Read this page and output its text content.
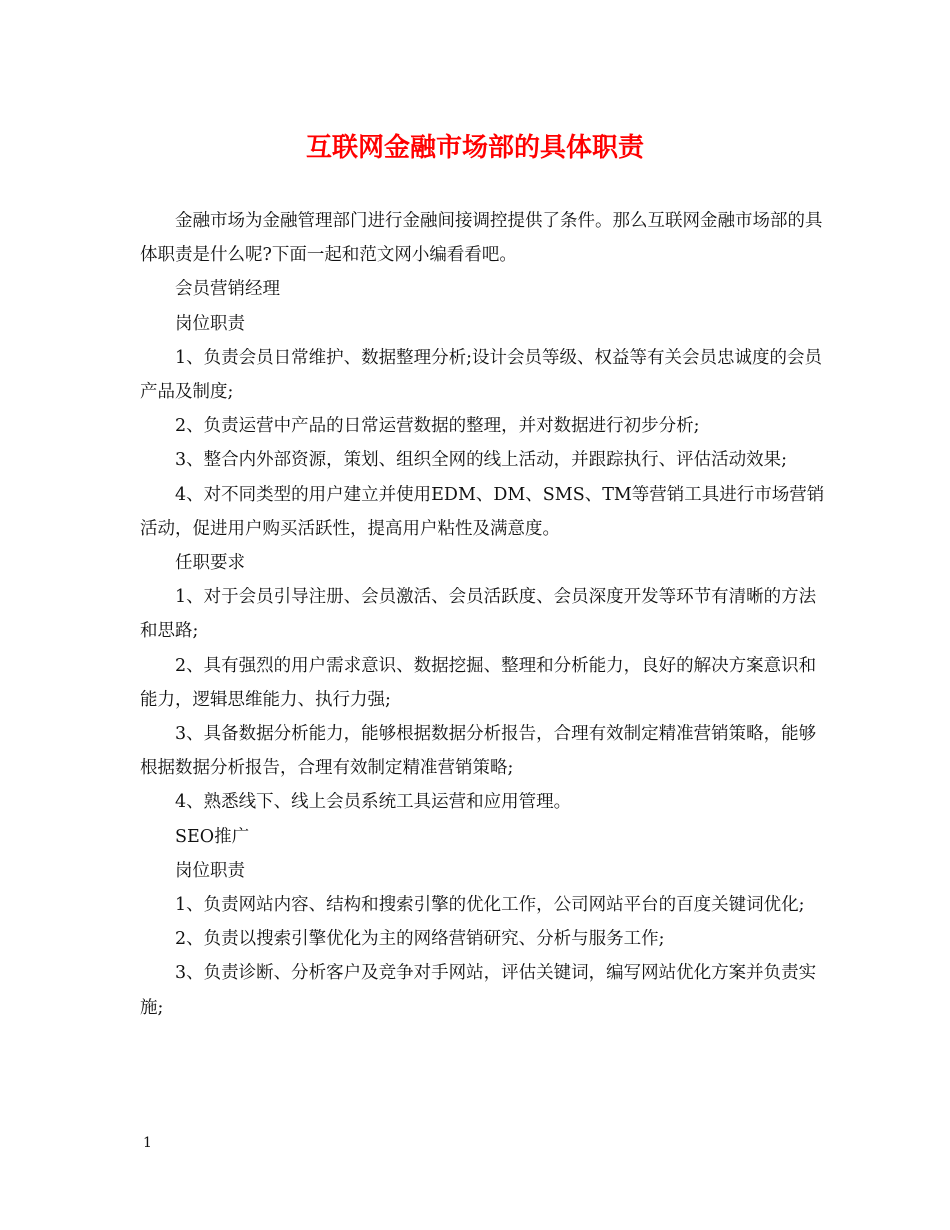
互联网金融市场部的具体职责

金融市场为金融管理部门进行金融间接调控提供了条件。那么互联网金融市场部的具体职责是什么呢?下面一起和范文网小编看看吧。

会员营销经理

岗位职责

1、负责会员日常维护、数据整理分析;设计会员等级、权益等有关会员忠诚度的会员产品及制度;

2、负责运营中产品的日常运营数据的整理，并对数据进行初步分析;

3、整合内外部资源，策划、组织全网的线上活动，并跟踪执行、评估活动效果;

4、对不同类型的用户建立并使用EDM、DM、SMS、TM等营销工具进行市场营销活动，促进用户购买活跃性，提高用户粘性及满意度。

任职要求

1、对于会员引导注册、会员激活、会员活跃度、会员深度开发等环节有清晰的方法和思路;

2、具有强烈的用户需求意识、数据挖掘、整理和分析能力，良好的解决方案意识和能力，逻辑思维能力、执行力强;

3、具备数据分析能力，能够根据数据分析报告，合理有效制定精准营销策略，能够根据数据分析报告，合理有效制定精准营销策略;

4、熟悉线下、线上会员系统工具运营和应用管理。

SEO推广

岗位职责

1、负责网站内容、结构和搜索引擎的优化工作，公司网站平台的百度关键词优化;

2、负责以搜索引擎优化为主的网络营销研究、分析与服务工作;

3、负责诊断、分析客户及竞争对手网站，评估关键词，编写网站优化方案并负责实施;

1
